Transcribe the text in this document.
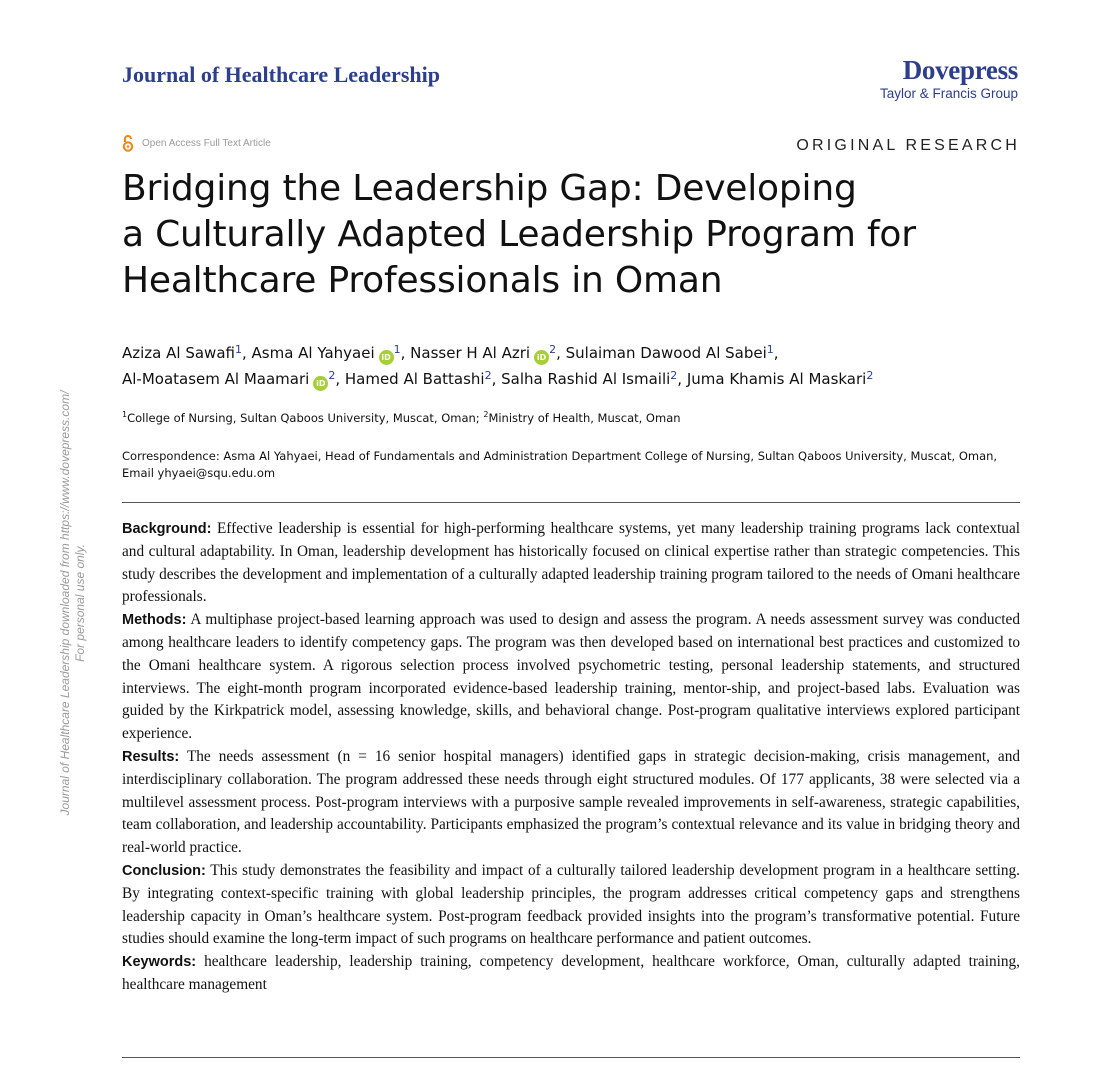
Journal of Healthcare Leadership	Dovepress
Taylor & Francis Group
Open Access Full Text Article	ORIGINAL RESEARCH
Bridging the Leadership Gap: Developing
a Culturally Adapted Leadership Program for
Healthcare Professionals in Oman
Aziza Al Sawafi$^1$, Asma Al Yahyaei $iD^1$, Nasser H Al Azri $iD^2$, Sulaiman Dawood Al Sabei$^1$,
Al-Moatasem Al Maamari $iD^2$, Hamed Al Battashi$^2$, Salha Rashid Al Ismaili$^2$, Juma Khamis Al Maskari$^2$
$^1$College of Nursing, Sultan Qaboos University, Muscat, Oman; $^2$Ministry of Health, Muscat, Oman
Correspondence: Asma Al Yahyaei, Head of Fundamentals and Administration Department College of Nursing, Sultan Qaboos University, Muscat, Oman, Email yhyaei@squ.edu.om

Background: Effective leadership is essential for high-performing healthcare systems, yet many leadership training programs lack contextual and cultural adaptability. In Oman, leadership development has historically focused on clinical expertise rather than strategic competencies. This study describes the development and implementation of a culturally adapted leadership training program tailored to the needs of Omani healthcare professionals.

Methods: A multiphase project-based learning approach was used to design and assess the program. A needs assessment survey was conducted among healthcare leaders to identify competency gaps. The program was then developed based on international best practices and customized to the Omani healthcare system. A rigorous selection process involved psychometric testing, personal leadership statements, and structured interviews. The eight-month program incorporated evidence-based leadership training, mentor-ship, and project-based labs. Evaluation was guided by the Kirkpatrick model, assessing knowledge, skills, and behavioral change. Post-program qualitative interviews explored participant experience.

Results: The needs assessment (n = 16 senior hospital managers) identified gaps in strategic decision-making, crisis management, and interdisciplinary collaboration. The program addressed these needs through eight structured modules. Of 177 applicants, 38 were selected via a multilevel assessment process. Post-program interviews with a purposive sample revealed improvements in self-awareness, strategic capabilities, team collaboration, and leadership accountability. Participants emphasized the program’s contextual relevance and its value in bridging theory and real-world practice.

Conclusion: This study demonstrates the feasibility and impact of a culturally tailored leadership development program in a healthcare setting. By integrating context-specific training with global leadership principles, the program addresses critical competency gaps and strengthens leadership capacity in Oman’s healthcare system. Post-program feedback provided insights into the program’s transformative potential. Future studies should examine the long-term impact of such programs on healthcare performance and patient outcomes.

Keywords: healthcare leadership, leadership training, competency development, healthcare workforce, Oman, culturally adapted training, healthcare management

Journal of Healthcare Leadership downloaded from https://www.dovepress.com/
For personal use only.
